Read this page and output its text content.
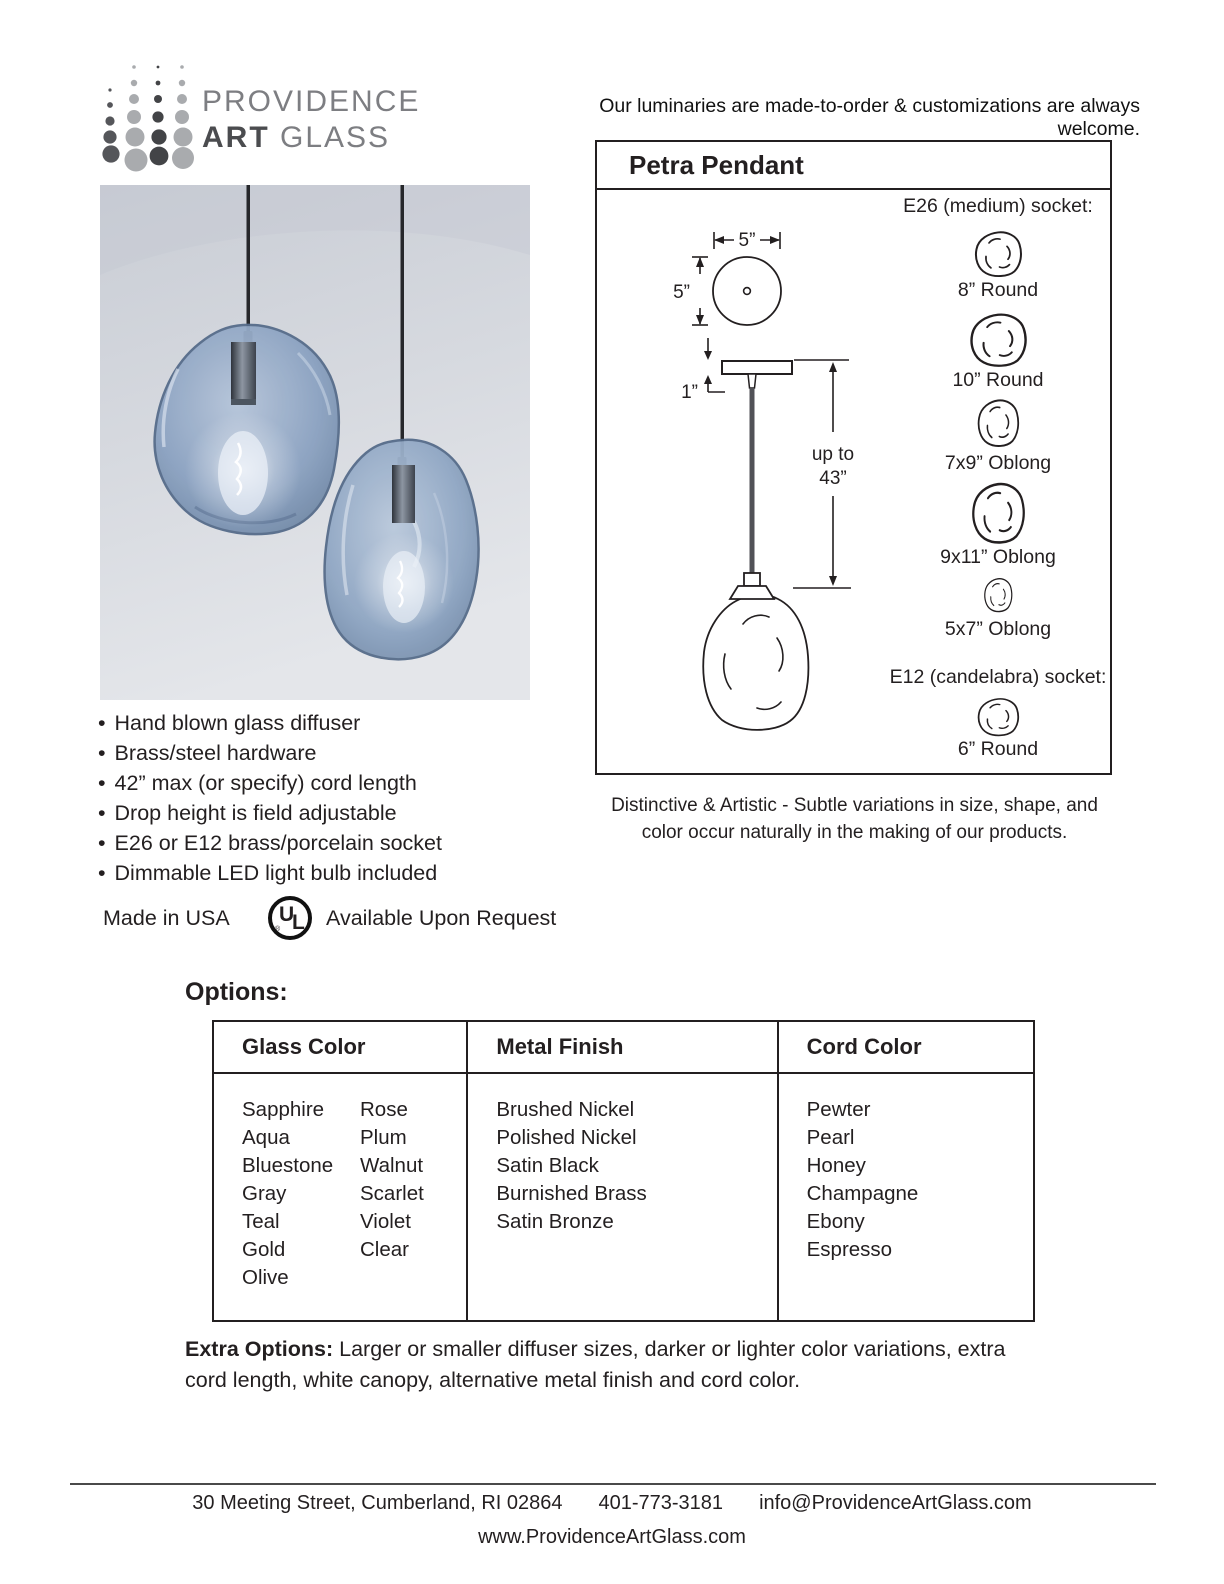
PROVIDENCE
ART GLASS
Our luminaries are made-to-order & customizations are always welcome.
Petra Pendant
5”
5”
1”
up to
43”
E26 (medium) socket:
8” Round
10” Round
7x9” Oblong
9x11” Oblong
5x7” Oblong
E12 (candelabra) socket:
6” Round
Distinctive & Artistic - Subtle variations in size, shape, and
color occur naturally in the making of our products.
• Hand blown glass diffuser
• Brass/steel hardware
• 42” max (or specify) cord length
• Drop height is field adjustable
• E26 or E12 brass/porcelain socket
• Dimmable LED light bulb included
Made in USA	U
L
® Available Upon Request
Options:
Glass Color
Sapphire
Aqua
Bluestone
Gray
Teal
Gold
Olive
Rose
Plum
Walnut
Scarlet
Violet
Clear
Metal Finish
Brushed Nickel
Polished Nickel
Satin Black
Burnished Brass
Satin Bronze
Cord Color
Pewter
Pearl
Honey
Champagne
Ebony
Espresso
Extra Options: Larger or smaller diffuser sizes, darker or lighter color variations, extra cord length, white canopy, alternative metal finish and cord color.
30 Meeting Street, Cumberland, RI 02864 401-773-3181 info@ProvidenceArtGlass.com
www.ProvidenceArtGlass.com
